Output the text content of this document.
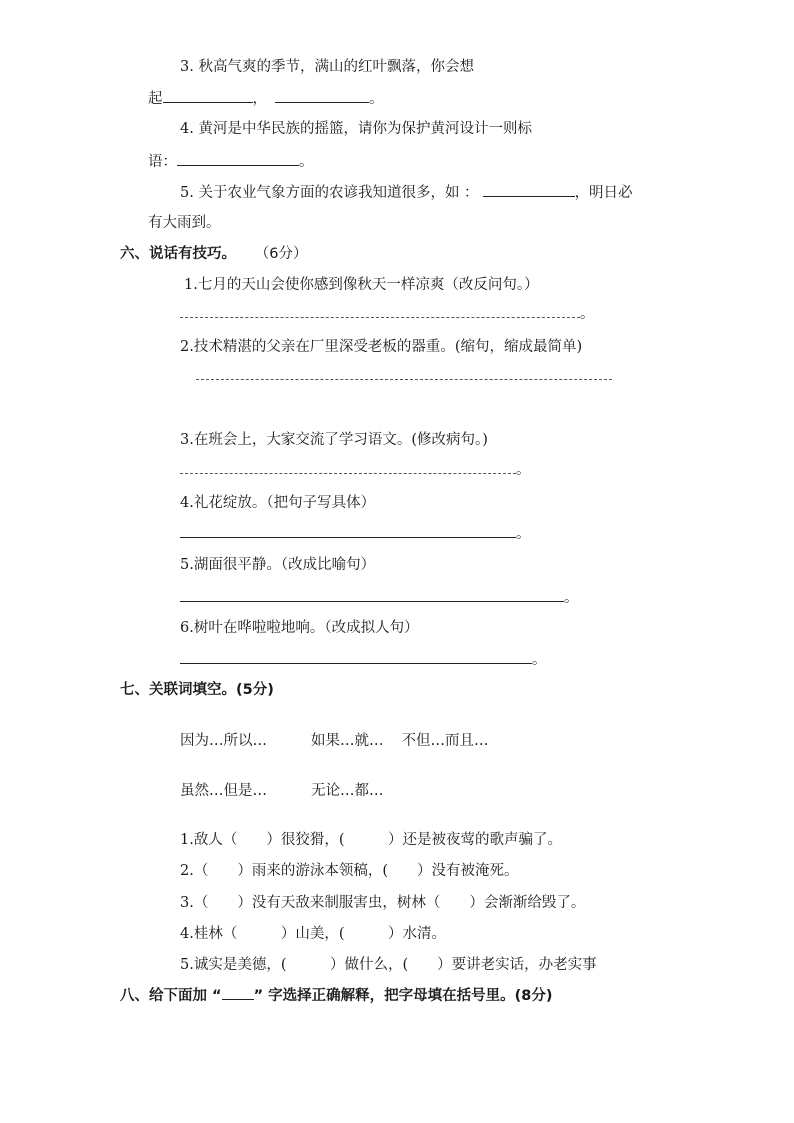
3. 秋高气爽的季节，满山的红叶飘落，你会想
起	，	。
4. 黄河是中华民族的摇篮，请你为保护黄河设计一则标
语：	。
5. 关于农业气象方面的农谚我知道很多，如 ：	，明日必
有大雨到。
六、说话有技巧。 （6分）
1.七月的天山会使你感到像秋天一样凉爽（改反问句。）
。
2.技术精湛的父亲在厂里深受老板的器重。(缩句，缩成最简单)
3.在班会上，大家交流了学习语文。(修改病句。)
。
4.礼花绽放。（把句子写具体）
。
5.湖面很平静。（改成比喻句）
。
6.树叶在哗啦啦地响。（改成拟人句）
。
七、关联词填空。(5分)
因为…所以…	如果…就… 不但…而且…
虽然…但是…	无论…都…
1.敌人（　　）很狡猾，(　　　）还是被夜莺的歌声骗了。
2.（　　）雨来的游泳本领稿，(　　）没有被淹死。
3.（　　）没有天敌来制服害虫，树林（　　）会渐渐给毁了。
4.桂林（　　　）山美，(　　　）水清。
5.诚实是美德，(　　　）做什么，(　　）要讲老实话，办老实事
八、给下面加 “ ” 字选择正确解释，把字母填在括号里。(8分)
